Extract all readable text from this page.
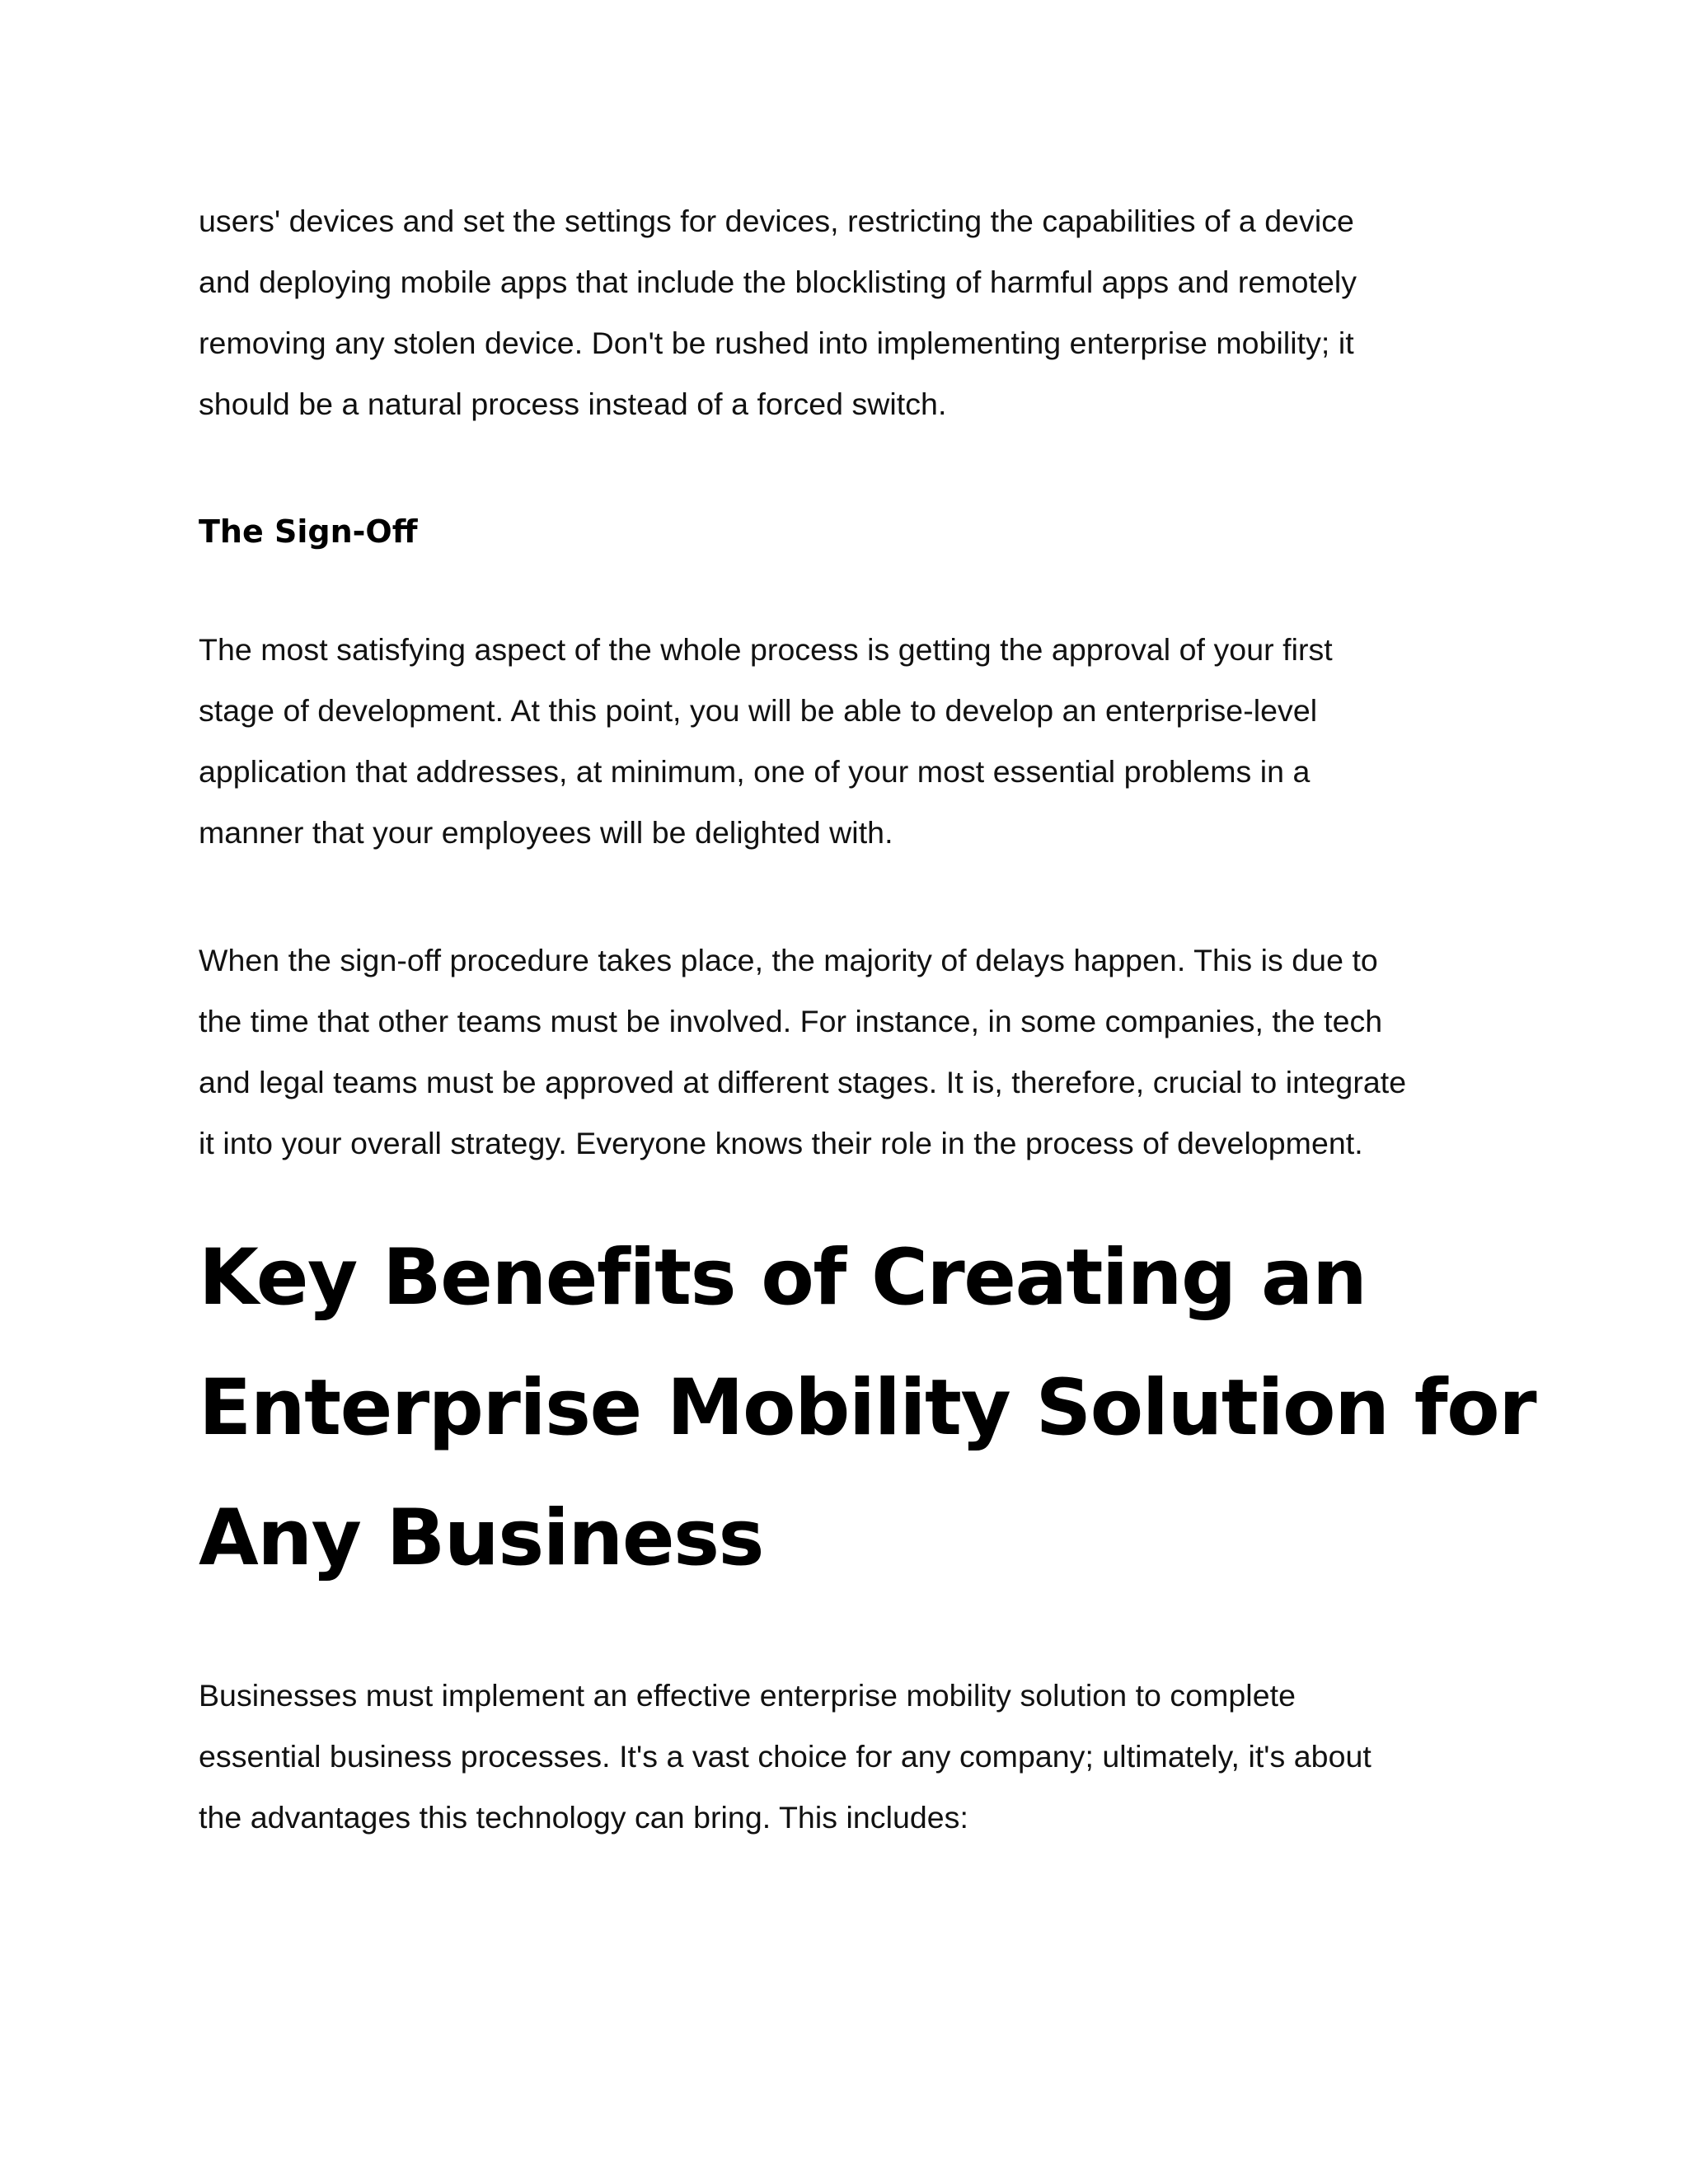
users' devices and set the settings for devices, restricting the capabilities of a device
and deploying mobile apps that include the blocklisting of harmful apps and remotely
removing any stolen device. Don't be rushed into implementing enterprise mobility; it
should be a natural process instead of a forced switch.

The Sign-Off

The most satisfying aspect of the whole process is getting the approval of your first
stage of development. At this point, you will be able to develop an enterprise-level
application that addresses, at minimum, one of your most essential problems in a
manner that your employees will be delighted with.

When the sign-off procedure takes place, the majority of delays happen. This is due to
the time that other teams must be involved. For instance, in some companies, the tech
and legal teams must be approved at different stages. It is, therefore, crucial to integrate
it into your overall strategy. Everyone knows their role in the process of development.

Key Benefits of Creating an
Enterprise Mobility Solution for
Any Business

Businesses must implement an effective enterprise mobility solution to complete
essential business processes. It's a vast choice for any company; ultimately, it's about
the advantages this technology can bring. This includes:
